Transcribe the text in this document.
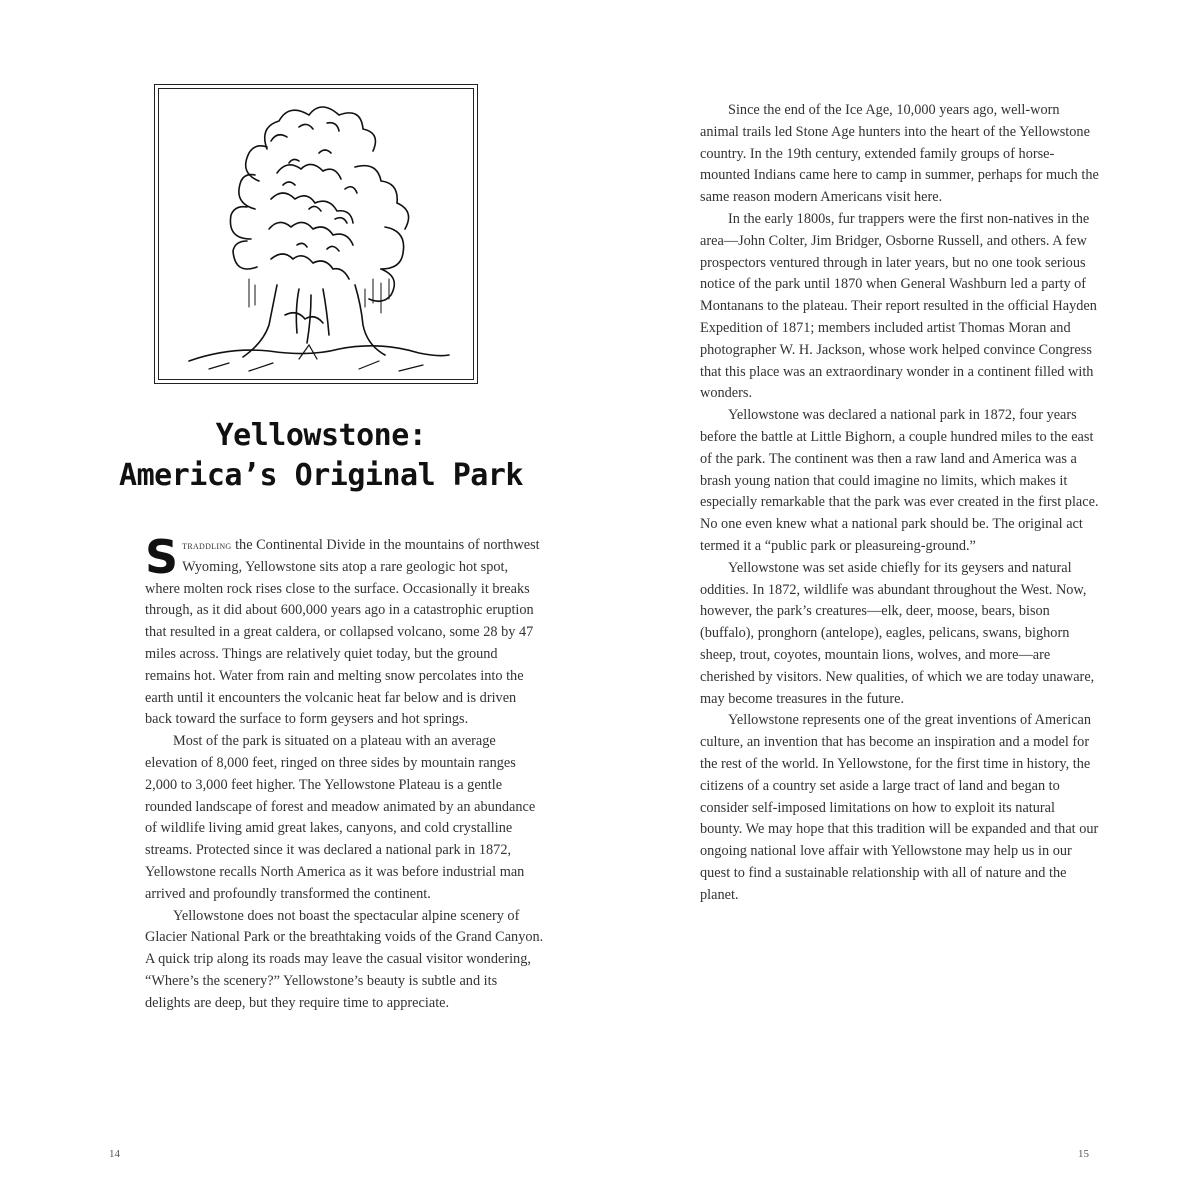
Yellowstone:
America’s Original Park

Straddling the Continental Divide in the mountains of northwest Wyoming, Yellowstone sits atop a rare geologic hot spot, where molten rock rises close to the surface. Occasionally it breaks through, as it did about 600,000 years ago in a catastrophic eruption that resulted in a great caldera, or collapsed volcano, some 28 by 47 miles across. Things are relatively quiet today, but the ground remains hot. Water from rain and melting snow percolates into the earth until it encounters the volcanic heat far below and is driven back toward the surface to form geysers and hot springs.

Most of the park is situated on a plateau with an average elevation of 8,000 feet, ringed on three sides by mountain ranges 2,000 to 3,000 feet higher. The Yellowstone Plateau is a gentle rounded landscape of forest and meadow animated by an abundance of wildlife living amid great lakes, canyons, and cold crystalline streams. Protected since it was declared a national park in 1872, Yellowstone recalls North America as it was before industrial man arrived and profoundly transformed the continent.

Yellowstone does not boast the spectacular alpine scenery of Glacier National Park or the breathtaking voids of the Grand Canyon. A quick trip along its roads may leave the casual visitor wondering, “Where’s the scenery?” Yellowstone’s beauty is subtle and its delights are deep, but they require time to appreciate.

14

Since the end of the Ice Age, 10,000 years ago, well-worn animal trails led Stone Age hunters into the heart of the Yellowstone country. In the 19th century, extended family groups of horse-mounted Indians came here to camp in summer, perhaps for much the same reason modern Americans visit here.

In the early 1800s, fur trappers were the first non-natives in the area—John Colter, Jim Bridger, Osborne Russell, and others. A few prospectors ventured through in later years, but no one took serious notice of the park until 1870 when General Washburn led a party of Montanans to the plateau. Their report resulted in the official Hayden Expedition of 1871; members included artist Thomas Moran and photographer W. H. Jackson, whose work helped convince Congress that this place was an extraordinary wonder in a continent filled with wonders.

Yellowstone was declared a national park in 1872, four years before the battle at Little Bighorn, a couple hundred miles to the east of the park. The continent was then a raw land and America was a brash young nation that could imagine no limits, which makes it especially remarkable that the park was ever created in the first place. No one even knew what a national park should be. The original act termed it a “public park or pleasureing-ground.”

Yellowstone was set aside chiefly for its geysers and natural oddities. In 1872, wildlife was abundant throughout the West. Now, however, the park’s creatures—elk, deer, moose, bears, bison (buffalo), pronghorn (antelope), eagles, pelicans, swans, bighorn sheep, trout, coyotes, mountain lions, wolves, and more—are cherished by visitors. New qualities, of which we are today unaware, may become treasures in the future.

Yellowstone represents one of the great inventions of American culture, an invention that has become an inspiration and a model for the rest of the world. In Yellowstone, for the first time in history, the citizens of a country set aside a large tract of land and began to consider self-imposed limitations on how to exploit its natural bounty. We may hope that this tradition will be expanded and that our ongoing national love affair with Yellowstone may help us in our quest to find a sustainable relationship with all of nature and the planet.

15
